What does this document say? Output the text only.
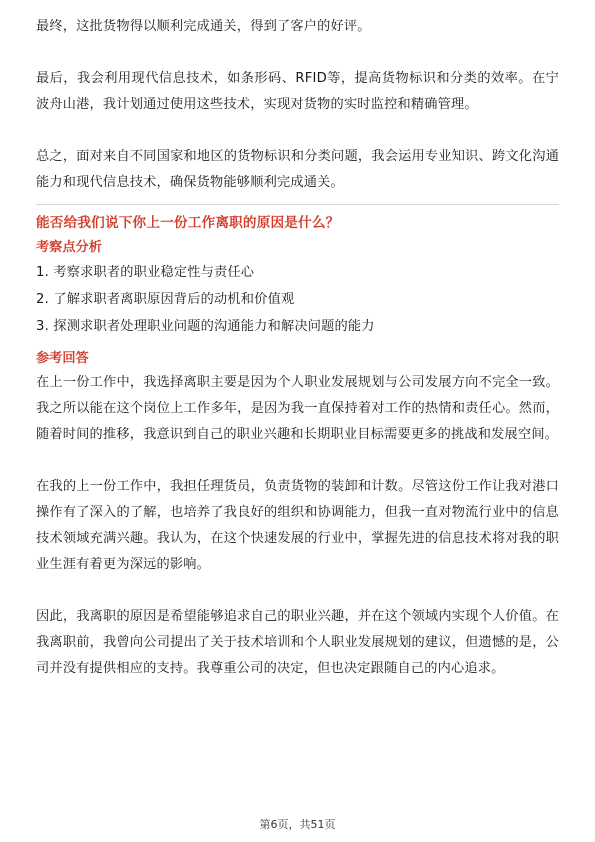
最终，这批货物得以顺利完成通关，得到了客户的好评。

最后，我会利用现代信息技术，如条形码、RFID等，提高货物标识和分类的效率。在宁波舟山港，我计划通过使用这些技术，实现对货物的实时监控和精确管理。

总之，面对来自不同国家和地区的货物标识和分类问题，我会运用专业知识、跨文化沟通能力和现代信息技术，确保货物能够顺利完成通关。

能否给我们说下你上一份工作离职的原因是什么？

考察点分析

1. 考察求职者的职业稳定性与责任心

2. 了解求职者离职原因背后的动机和价值观

3. 探测求职者处理职业问题的沟通能力和解决问题的能力

参考回答

在上一份工作中，我选择离职主要是因为个人职业发展规划与公司发展方向不完全一致。我之所以能在这个岗位上工作多年，是因为我一直保持着对工作的热情和责任心。然而，随着时间的推移，我意识到自己的职业兴趣和长期职业目标需要更多的挑战和发展空间。

在我的上一份工作中，我担任理货员，负责货物的装卸和计数。尽管这份工作让我对港口操作有了深入的了解，也培养了我良好的组织和协调能力，但我一直对物流行业中的信息技术领域充满兴趣。我认为，在这个快速发展的行业中，掌握先进的信息技术将对我的职业生涯有着更为深远的影响。

因此，我离职的原因是希望能够追求自己的职业兴趣，并在这个领域内实现个人价值。在我离职前，我曾向公司提出了关于技术培训和个人职业发展规划的建议，但遗憾的是，公司并没有提供相应的支持。我尊重公司的决定，但也决定跟随自己的内心追求。

第6页，共51页
